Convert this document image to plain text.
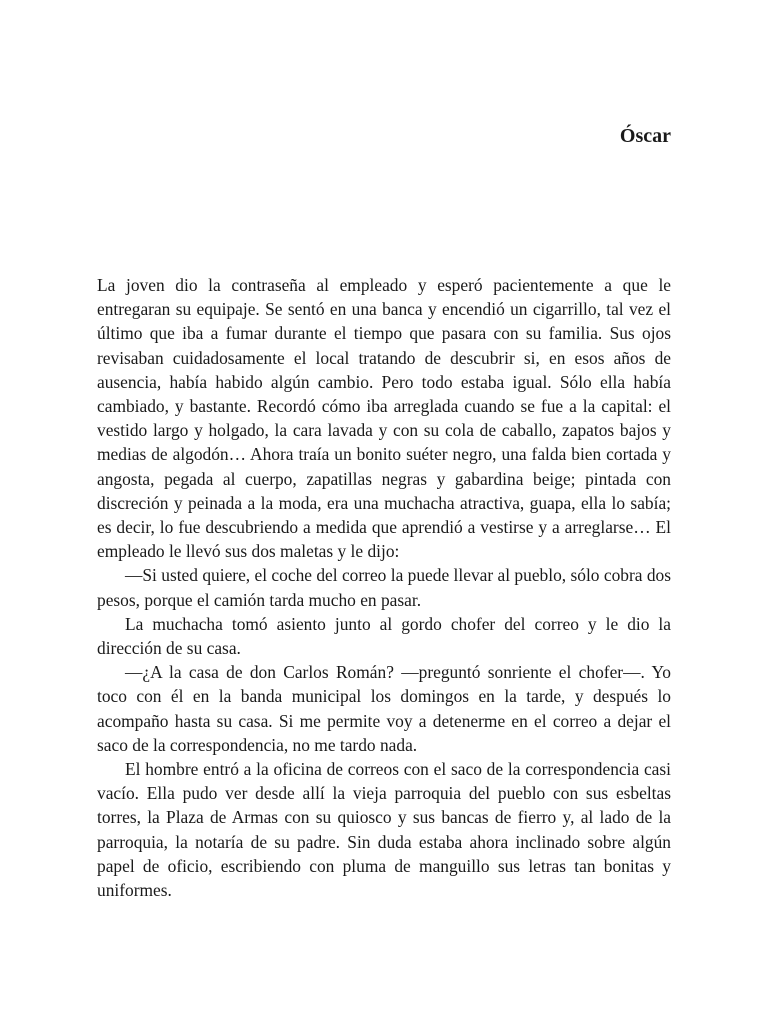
Óscar

La joven dio la contraseña al empleado y esperó pacientemente a que le entregaran su equipaje. Se sentó en una banca y encendió un cigarrillo, tal vez el último que iba a fumar durante el tiempo que pasara con su familia. Sus ojos revisaban cuidadosamente el local tratando de descubrir si, en esos años de ausencia, había habido algún cambio. Pero todo estaba igual. Sólo ella había cambiado, y bastante. Recordó cómo iba arreglada cuando se fue a la capital: el vestido largo y holgado, la cara lavada y con su cola de caballo, zapatos bajos y medias de algodón… Ahora traía un bonito suéter negro, una falda bien cortada y angosta, pegada al cuerpo, zapatillas negras y gabardina beige; pintada con discreción y peinada a la moda, era una muchacha atractiva, guapa, ella lo sabía; es decir, lo fue descubriendo a medida que aprendió a vestirse y a arreglarse… El empleado le llevó sus dos maletas y le dijo:

—Si usted quiere, el coche del correo la puede llevar al pueblo, sólo cobra dos pesos, porque el camión tarda mucho en pasar.

La muchacha tomó asiento junto al gordo chofer del correo y le dio la dirección de su casa.

—¿A la casa de don Carlos Román? —preguntó sonriente el chofer—. Yo toco con él en la banda municipal los domingos en la tarde, y después lo acompaño hasta su casa. Si me permite voy a detenerme en el correo a dejar el saco de la correspondencia, no me tardo nada.

El hombre entró a la oficina de correos con el saco de la correspondencia casi vacío. Ella pudo ver desde allí la vieja parroquia del pueblo con sus esbeltas torres, la Plaza de Armas con su quiosco y sus bancas de fierro y, al lado de la parroquia, la notaría de su padre. Sin duda estaba ahora inclinado sobre algún papel de oficio, escribiendo con pluma de manguillo sus letras tan bonitas y uniformes.
